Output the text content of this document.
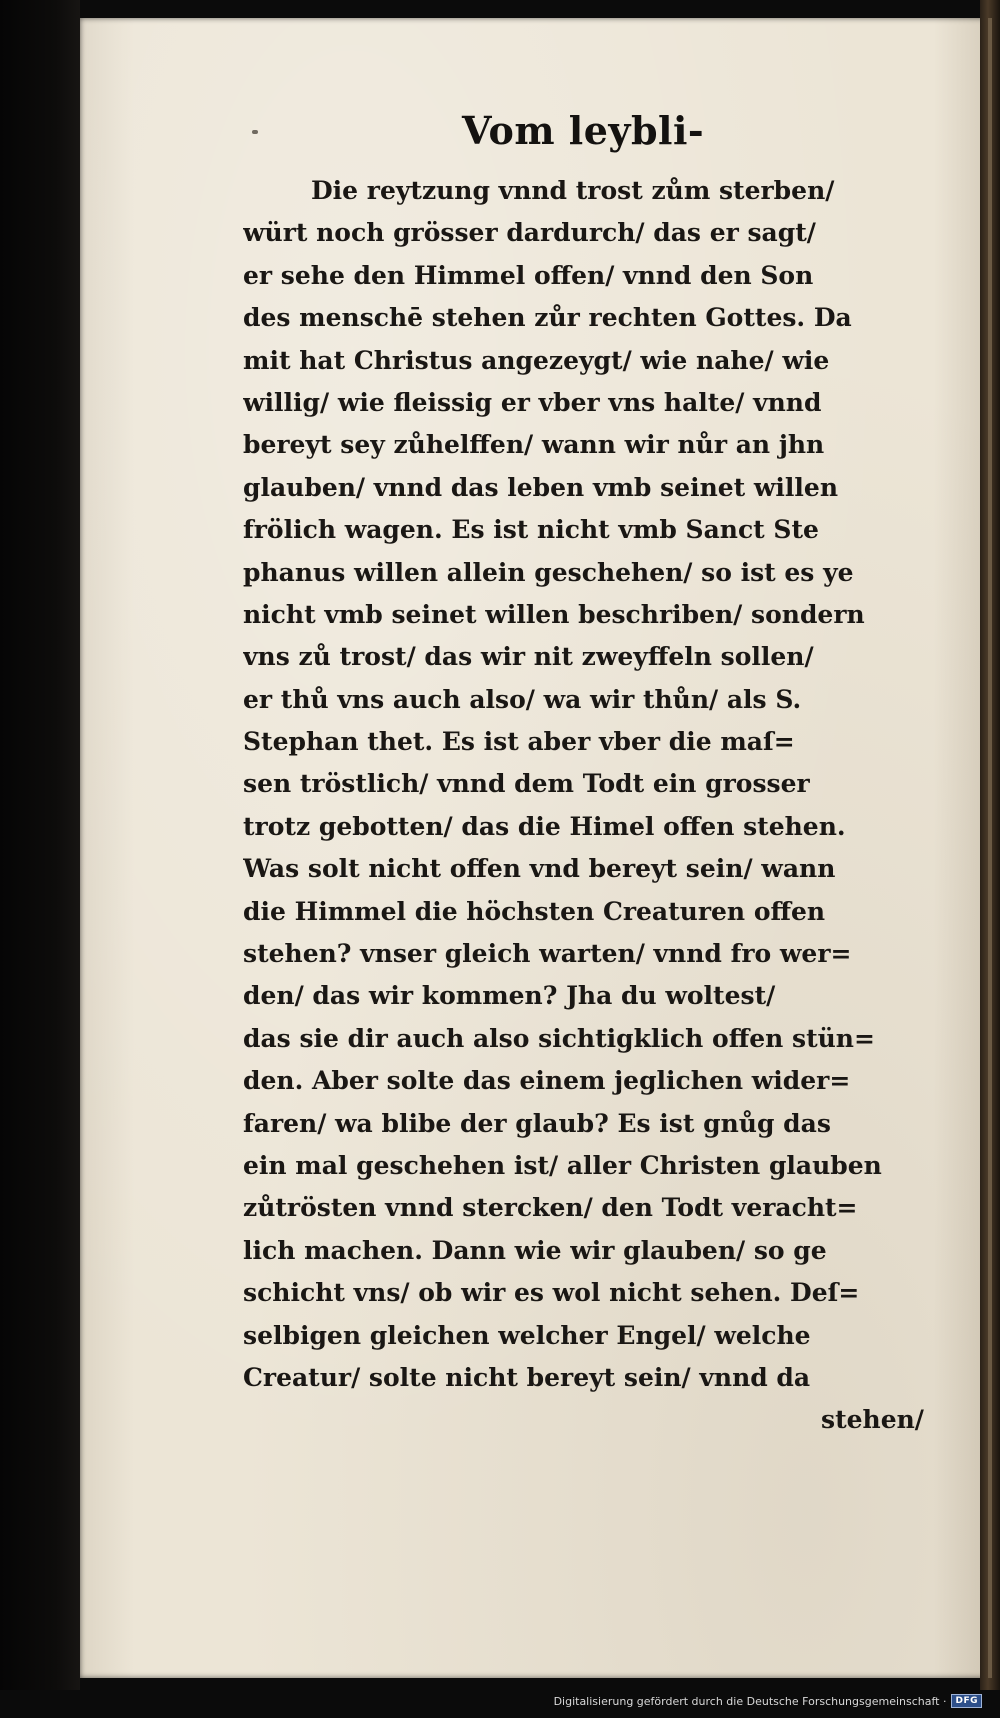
Vom leybli-
Die reytzung vnnd trost zům sterben/
würt noch grösser dardurch/ das er sagt/
er sehe den Himmel offen/ vnnd den Son
des menschē stehen zůr rechten Gottes. Da
mit hat Christus angezeygt/ wie nahe/ wie
willig/ wie fleissig er vber vns halte/ vnnd
bereyt sey zůhelffen/ wann wir nůr an jhn
glauben/ vnnd das leben vmb seinet willen
frölich wagen. Es ist nicht vmb Sanct Ste
phanus willen allein geschehen/ so ist es ye
nicht vmb seinet willen beschriben/ sondern
vns zů trost/ das wir nit zweyffeln sollen/
er thů vns auch also/ wa wir thůn/ als S.
Stephan thet. Es ist aber vber die maſ=
sen tröstlich/ vnnd dem Todt ein grosser
trotz gebotten/ das die Himel offen stehen.
Was solt nicht offen vnd bereyt sein/ wann
die Himmel die höchsten Creaturen offen
stehen? vnser gleich warten/ vnnd fro wer=
den/ das wir kommen? Jha du woltest/
das sie dir auch also sichtigklich offen stün=
den. Aber solte das einem jeglichen wider=
faren/ wa blibe der glaub? Es ist gnůg das
ein mal geschehen ist/ aller Christen glauben
zůtrösten vnnd stercken/ den Todt veracht=
lich machen. Dann wie wir glauben/ so ge
schicht vns/ ob wir es wol nicht sehen. Deſ=
selbigen gleichen welcher Engel/ welche
Creatur/ solte nicht bereyt sein/ vnnd da
stehen/
Digitalisierung gefördert durch die Deutsche Forschungsgemeinschaft ·	DFG
